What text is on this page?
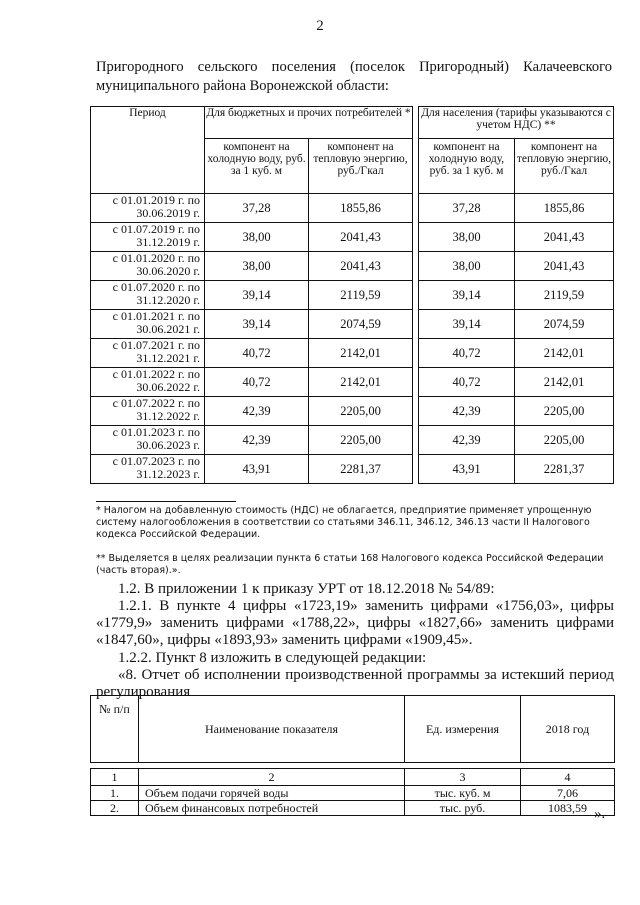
2
Пригородного сельского поселения (поселок Пригородный) Калачеевского муниципального района Воронежской области:
Период	Для бюджетных и прочих потребителей *			Для населения (тарифы указываются с учетом НДС) **	
	компонент на холодную воду, руб. за 1 куб. м	компонент на тепловую энергию, руб./Гкал		компонент на холодную воду, руб. за 1 куб. м	компонент на тепловую энергию, руб./Гкал
с 01.01.2019 г. по 30.06.2019 г.	37,28	1855,86		37,28	1855,86
с 01.07.2019 г. по 31.12.2019 г.	38,00	2041,43		38,00	2041,43
с 01.01.2020 г. по 30.06.2020 г.	38,00	2041,43		38,00	2041,43
с 01.07.2020 г. по 31.12.2020 г.	39,14	2119,59		39,14	2119,59
с 01.01.2021 г. по 30.06.2021 г.	39,14	2074,59		39,14	2074,59
с 01.07.2021 г. по 31.12.2021 г.	40,72	2142,01		40,72	2142,01
с 01.01.2022 г. по 30.06.2022 г.	40,72	2142,01		40,72	2142,01
с 01.07.2022 г. по 31.12.2022 г.	42,39	2205,00		42,39	2205,00
с 01.01.2023 г. по 30.06.2023 г.	42,39	2205,00		42,39	2205,00
с 01.07.2023 г. по 31.12.2023 г.	43,91	2281,37		43,91	2281,37
* Налогом на добавленную стоимость (НДС) не облагается, предприятие применяет упрощенную систему налогообложения в соответствии со статьями 346.11, 346.12, 346.13 части II Налогового кодекса Российской Федерации.
** Выделяется в целях реализации пункта 6 статьи 168 Налогового кодекса Российской Федерации (часть вторая).».
1.2. В приложении 1 к приказу УРТ от 18.12.2018 № 54/89:
1.2.1. В пункте 4 цифры «1723,19» заменить цифрами «1756,03», цифры «1779,9» заменить цифрами «1788,22», цифры «1827,66» заменить цифрами «1847,60», цифры «1893,93» заменить цифрами «1909,45».
1.2.2. Пункт 8 изложить в следующей редакции:
«8. Отчет об исполнении производственной программы за истекший период регулирования
№ п/п	Наименование показателя	Ед. измерения	2018 год

1	2	3	4
1.	Объем подачи горячей воды	тыс. куб. м	7,06
2.	Объем финансовых потребностей	тыс. руб.	1083,59 ».
